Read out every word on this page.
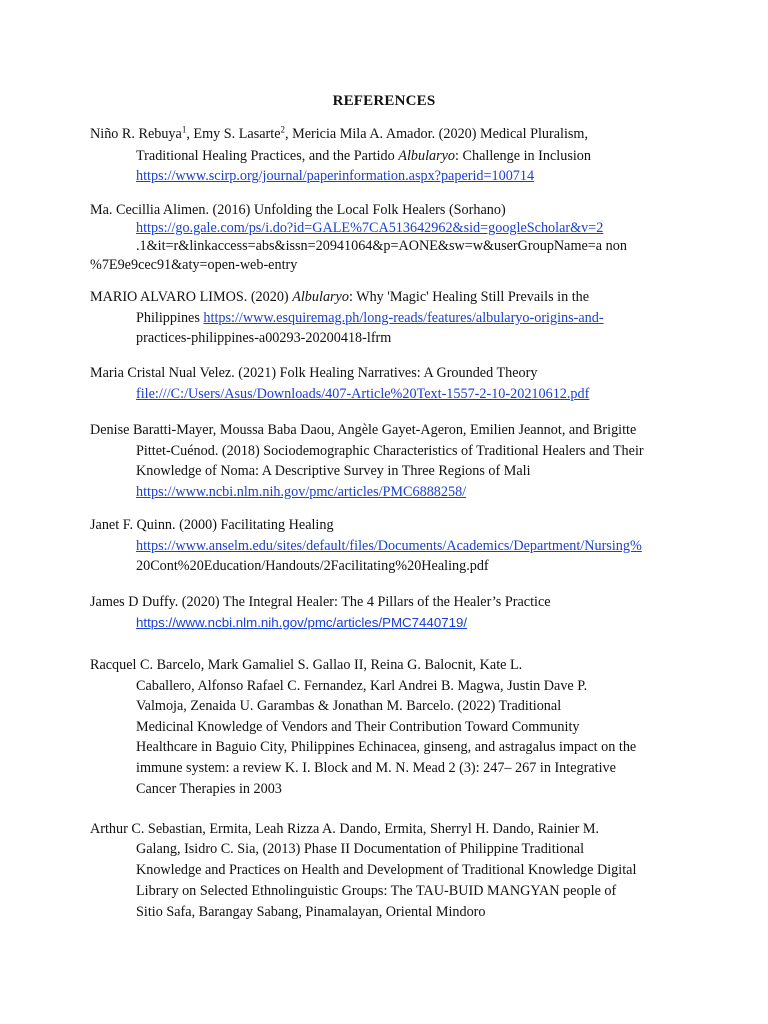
REFERENCES
Niño R. Rebuya$^1$, Emy S. Lasarte$^2$, Mericia Mila A. Amador. (2020) Medical Pluralism,
Traditional Healing Practices, and the Partido Albularyo: Challenge in Inclusion
https://www.scirp.org/journal/paperinformation.aspx?paperid=100714
Ma. Cecillia Alimen. (2016) Unfolding the Local Folk Healers (Sorhano)
https://go.gale.com/ps/i.do?id=GALE%7CA513642962&sid=googleScholar&v=2
.1&it=r&linkaccess=abs&issn=20941064&p=AONE&sw=w&userGroupName=a non
%7E9e9cec91&aty=open-web-entry
MARIO ALVARO LIMOS. (2020) Albularyo: Why 'Magic' Healing Still Prevails in the
Philippines https://www.esquiremag.ph/long-reads/features/albularyo-origins-and-
practices-philippines-a00293-20200418-lfrm
Maria Cristal Nual Velez. (2021) Folk Healing Narratives: A Grounded Theory
file:///C:/Users/Asus/Downloads/407-Article%20Text-1557-2-10-20210612.pdf
Denise Baratti-Mayer, Moussa Baba Daou, Angèle Gayet-Ageron, Emilien Jeannot, and Brigitte
Pittet-Cuénod. (2018) Sociodemographic Characteristics of Traditional Healers and Their
Knowledge of Noma: A Descriptive Survey in Three Regions of Mali
https://www.ncbi.nlm.nih.gov/pmc/articles/PMC6888258/
Janet F. Quinn. (2000) Facilitating Healing
https://www.anselm.edu/sites/default/files/Documents/Academics/Department/Nursing%
20Cont%20Education/Handouts/2Facilitating%20Healing.pdf
James D Duffy. (2020) The Integral Healer: The 4 Pillars of the Healer’s Practice
https://www.ncbi.nlm.nih.gov/pmc/articles/PMC7440719/
Racquel C. Barcelo, Mark Gamaliel S. Gallao II, Reina G. Balocnit, Kate L.
Caballero, Alfonso Rafael C. Fernandez, Karl Andrei B. Magwa, Justin Dave P.
Valmoja, Zenaida U. Garambas & Jonathan M. Barcelo. (2022) Traditional
Medicinal Knowledge of Vendors and Their Contribution Toward Community
Healthcare in Baguio City, Philippines Echinacea, ginseng, and astragalus impact on the
immune system: a review K. I. Block and M. N. Mead 2 (3): 247– 267 in Integrative
Cancer Therapies in 2003
Arthur C. Sebastian, Ermita, Leah Rizza A. Dando, Ermita, Sherryl H. Dando, Rainier M.
Galang, Isidro C. Sia, (2013) Phase II Documentation of Philippine Traditional
Knowledge and Practices on Health and Development of Traditional Knowledge Digital
Library on Selected Ethnolinguistic Groups: The TAU-BUID MANGYAN people of
Sitio Safa, Barangay Sabang, Pinamalayan, Oriental Mindoro
